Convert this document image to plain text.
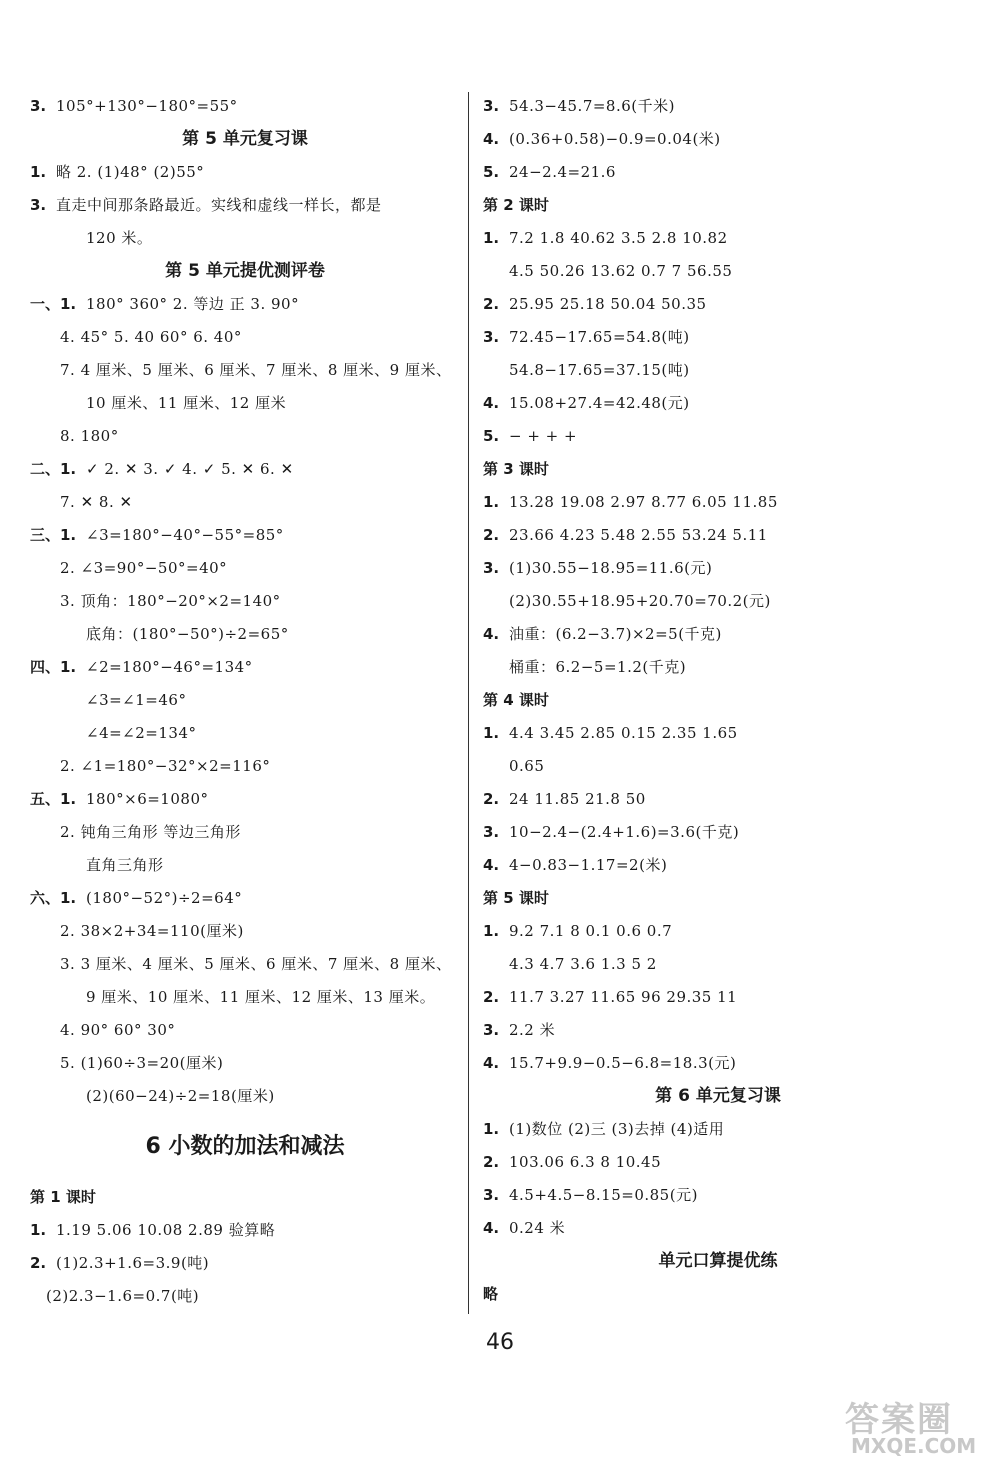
3. 105°+130°−180°=55°
第 5 单元复习课
1. 略 2. (1)48° (2)55°
3. 直走中间那条路最近。实线和虚线一样长，都是
120 米。
第 5 单元提优测评卷
一、1. 180° 360° 2. 等边 正 3. 90°
4. 45° 5. 40 60° 6. 40°
7. 4 厘米、5 厘米、6 厘米、7 厘米、8 厘米、9 厘米、
10 厘米、11 厘米、12 厘米
8. 180°
二、1. ✓ 2. ✕ 3. ✓ 4. ✓ 5. ✕ 6. ✕
7. ✕ 8. ✕
三、1. ∠3=180°−40°−55°=85°
2. ∠3=90°−50°=40°
3. 顶角：180°−20°×2=140°
底角：(180°−50°)÷2=65°
四、1. ∠2=180°−46°=134°
∠3=∠1=46°
∠4=∠2=134°
2. ∠1=180°−32°×2=116°
五、1. 180°×6=1080°
2. 钝角三角形 等边三角形
直角三角形
六、1. (180°−52°)÷2=64°
2. 38×2+34=110(厘米)
3. 3 厘米、4 厘米、5 厘米、6 厘米、7 厘米、8 厘米、
9 厘米、10 厘米、11 厘米、12 厘米、13 厘米。
4. 90° 60° 30°
5. (1)60÷3=20(厘米)
(2)(60−24)÷2=18(厘米)
6 小数的加法和减法
第 1 课时
1. 1.19 5.06 10.08 2.89 验算略
2. (1)2.3+1.6=3.9(吨)
(2)2.3−1.6=0.7(吨)
3. 54.3−45.7=8.6(千米)
4. (0.36+0.58)−0.9=0.04(米)
5. 24−2.4=21.6
第 2 课时
1. 7.2 1.8 40.62 3.5 2.8 10.82
4.5 50.26 13.62 0.7 7 56.55
2. 25.95 25.18 50.04 50.35
3. 72.45−17.65=54.8(吨)
54.8−17.65=37.15(吨)
4. 15.08+27.4=42.48(元)
5. − + + +
第 3 课时
1. 13.28 19.08 2.97 8.77 6.05 11.85
2. 23.66 4.23 5.48 2.55 53.24 5.11
3. (1)30.55−18.95=11.6(元)
(2)30.55+18.95+20.70=70.2(元)
4. 油重：(6.2−3.7)×2=5(千克)
桶重：6.2−5=1.2(千克)
第 4 课时
1. 4.4 3.45 2.85 0.15 2.35 1.65
0.65
2. 24 11.85 21.8 50
3. 10−2.4−(2.4+1.6)=3.6(千克)
4. 4−0.83−1.17=2(米)
第 5 课时
1. 9.2 7.1 8 0.1 0.6 0.7
4.3 4.7 3.6 1.3 5 2
2. 11.7 3.27 11.65 96 29.35 11
3. 2.2 米
4. 15.7+9.9−0.5−6.8=18.3(元)
第 6 单元复习课
1. (1)数位 (2)三 (3)去掉 (4)适用
2. 103.06 6.3 8 10.45
3. 4.5+4.5−8.15=0.85(元)
4. 0.24 米
单元口算提优练
略
46
答案圈
MXQE.COM
